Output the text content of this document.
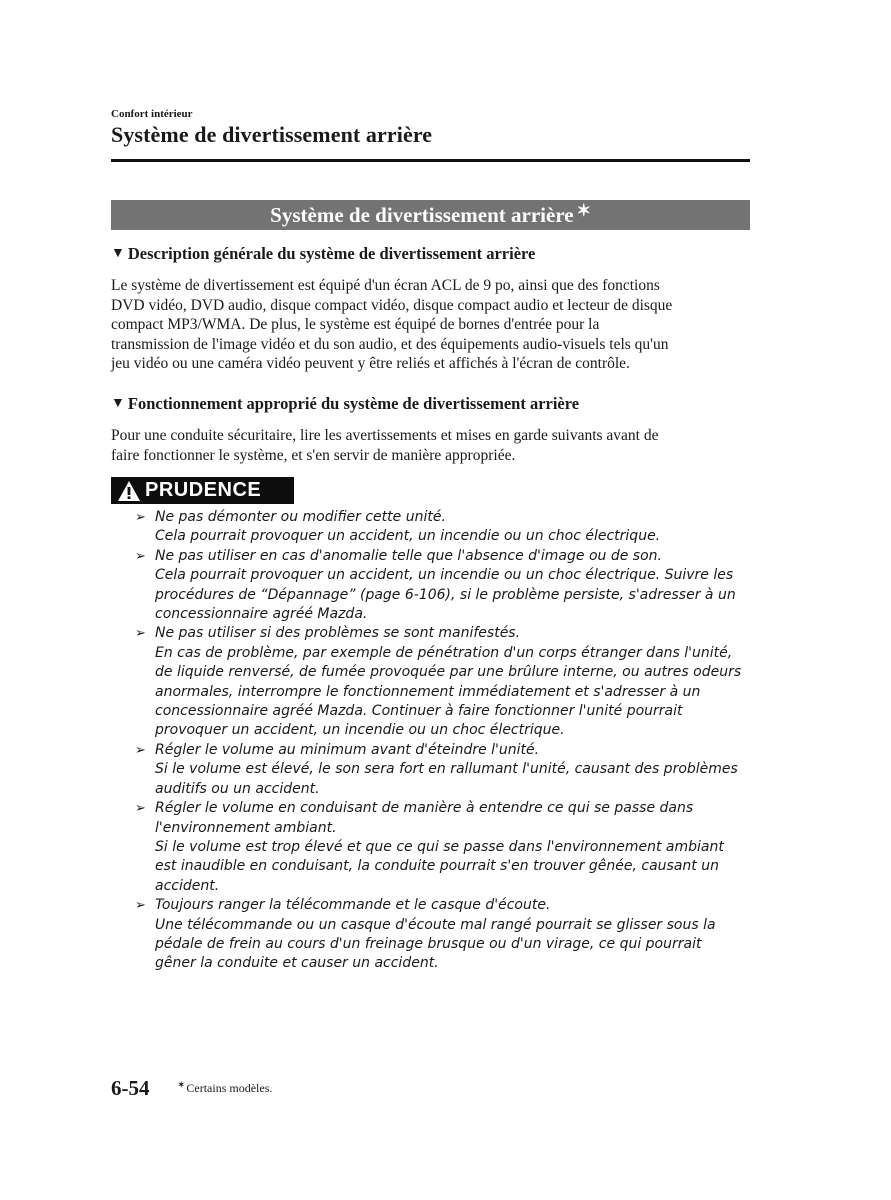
Confort intérieur
Système de divertissement arrière
Système de divertissement arrière ✶
▼ Description générale du système de divertissement arrière
Le système de divertissement est équipé d'un écran ACL de 9 po, ainsi que des fonctions
DVD vidéo, DVD audio, disque compact vidéo, disque compact audio et lecteur de disque
compact MP3/WMA. De plus, le système est équipé de bornes d'entrée pour la
transmission de l'image vidéo et du son audio, et des équipements audio-visuels tels qu'un
jeu vidéo ou une caméra vidéo peuvent y être reliés et affichés à l'écran de contrôle.
▼ Fonctionnement approprié du système de divertissement arrière
Pour une conduite sécuritaire, lire les avertissements et mises en garde suivants avant de
faire fonctionner le système, et s'en servir de manière appropriée.
PRUDENCE
➢ Ne pas démonter ou modifier cette unité.
Cela pourrait provoquer un accident, un incendie ou un choc électrique.
➢ Ne pas utiliser en cas d'anomalie telle que l'absence d'image ou de son.
Cela pourrait provoquer un accident, un incendie ou un choc électrique. Suivre les
procédures de “Dépannage” (page 6-106), si le problème persiste, s'adresser à un
concessionnaire agréé Mazda.
➢ Ne pas utiliser si des problèmes se sont manifestés.
En cas de problème, par exemple de pénétration d'un corps étranger dans l'unité,
de liquide renversé, de fumée provoquée par une brûlure interne, ou autres odeurs
anormales, interrompre le fonctionnement immédiatement et s'adresser à un
concessionnaire agréé Mazda. Continuer à faire fonctionner l'unité pourrait
provoquer un accident, un incendie ou un choc électrique.
➢ Régler le volume au minimum avant d'éteindre l'unité.
Si le volume est élevé, le son sera fort en rallumant l'unité, causant des problèmes
auditifs ou un accident.
➢ Régler le volume en conduisant de manière à entendre ce qui se passe dans
l'environnement ambiant.
Si le volume est trop élevé et que ce qui se passe dans l'environnement ambiant
est inaudible en conduisant, la conduite pourrait s'en trouver gênée, causant un
accident.
➢ Toujours ranger la télécommande et le casque d'écoute.
Une télécommande ou un casque d'écoute mal rangé pourrait se glisser sous la
pédale de frein au cours d'un freinage brusque ou d'un virage, ce qui pourrait
gêner la conduite et causer un accident.
6-54	✶Certains modèles.
